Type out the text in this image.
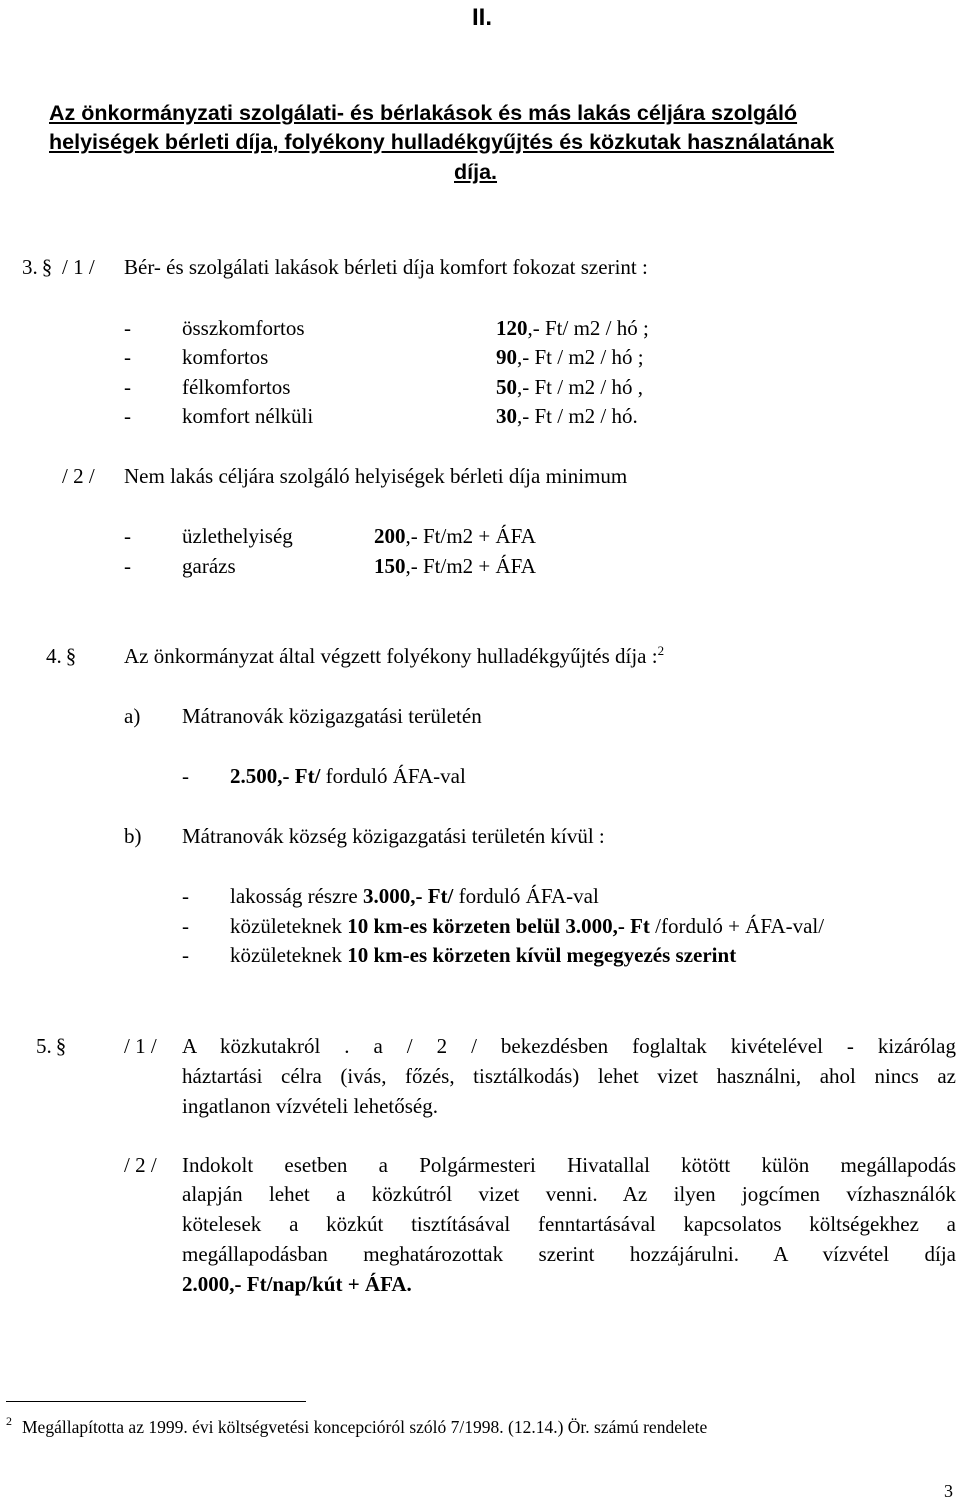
II.
Az önkormányzati szolgálati- és bérlakások és más lakás céljára szolgáló
helyiségek bérleti díja, folyékony hulladékgyűjtés és közkutak használatának
díja.
3. § / 1 / Bér- és szolgálati lakások bérleti díja komfort fokozat szerint :
- összkomfortos	120,- Ft/ m2 / hó ;
- komfortos	90,- Ft / m2 / hó ;
- félkomfortos	50,- Ft / m2 / hó ,
- komfort nélküli	30,- Ft / m2 / hó.
/ 2 / Nem lakás céljára szolgáló helyiségek bérleti díja minimum
- üzlethelyiség	200,- Ft/m2 + ÁFA
- garázs	150,- Ft/m2 + ÁFA
4. § Az önkormányzat által végzett folyékony hulladékgyűjtés díja :$^2$
a) Mátranovák közigazgatási területén
- 2.500,- Ft/ forduló ÁFA-val
b) Mátranovák község közigazgatási területén kívül :
- lakosság részre 3.000,- Ft/ forduló ÁFA-val
- közületeknek 10 km-es körzeten belül 3.000,- Ft /forduló + ÁFA-val/
- közületeknek 10 km-es körzeten kívül megegyezés szerint
5. §	/ 1 / A közkutakról . a / 2 / bekezdésben foglaltak kivételével - kizárólag
háztartási célra (ivás, főzés, tisztálkodás) lehet vizet használni, ahol nincs az
ingatlanon vízvételi lehetőség.
/ 2 / Indokolt esetben a Polgármesteri Hivatallal kötött külön megállapodás
alapján lehet a közkútról vizet venni. Az ilyen jogcímen vízhasználók
kötelesek a közkút tisztításával fenntartásával kapcsolatos költségekhez a
megállapodásban meghatározottak szerint hozzájárulni. A vízvétel díja
2.000,- Ft/nap/kút + ÁFA.
2 Megállapította az 1999. évi költségvetési koncepcióról szóló 7/1998. (12.14.) Ör. számú rendelete
3
